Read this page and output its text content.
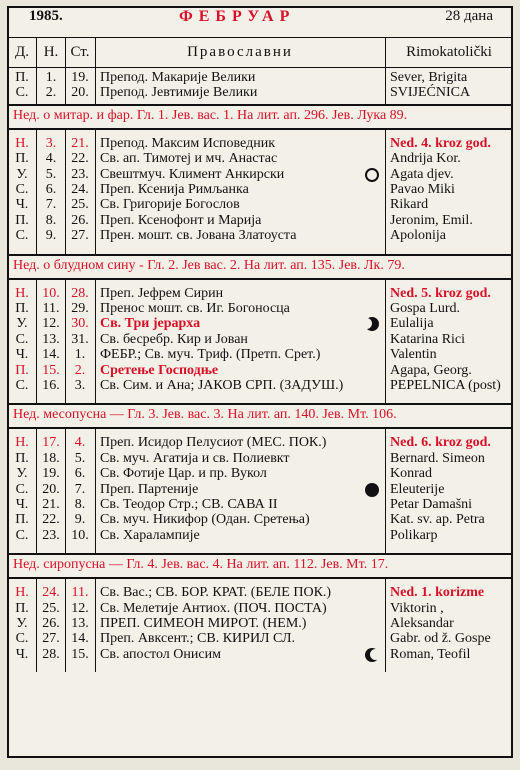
1985.	ФЕБРУАР	28 дана
Д. Н. Ст.	Православни	Rimokatolički
П.	1.	19. Препод. Макарије Велики	Sever, Brigita
С.	2.	20. Препод. Јевтимије Велики	SVIJEĆNICA
Нед. о митар. и фар. Гл. 1. Јев. вас. 1. На лит. ап. 296. Јев. Лука 89.
Н.	3.	21. Препод. Максим Исповедник	Ned. 4. kroz god.
П.	4.	22. Св. ап. Тимотеј и мч. Анастас	Andrija Kor.
У.	5.	23. Свештмуч. Климент Анкирски	Agata djev.
С.	6.	24. Преп. Ксенија Римљанка	Pavao Miki
Ч.	7.	25. Св. Григорије Богослов	Rikard
П.	8.	26. Преп. Ксенофонт и Марија	Jeronim, Emil.
С.	9.	27. Прен. мошт. св. Јована Златоуста	Apolonija
Нед. о блудном сину - Гл. 2. Јев вас. 2. На лит. ап. 135. Јев. Лк. 79.
Н. 10. 28. Преп. Јефрем Сирин	Ned. 5. kroz god.
П. 11. 29. Пренос мошт. св. Иг. Богоносца	Gospa Lurd.
У.	12. 30. Св. Три јерарха	Eulalija
С. 13. 31. Св. бесребр. Кир и Јован	Katarina Rici
Ч. 14.	1.	ФЕБР.; Св. муч. Триф. (Претп. Срет.)	Valentin
П. 15.	2.	Сретење Господње	Agapa, Georg.
С. 16.	3.	Св. Сим. и Ана; ЈАКОВ СРП. (ЗАДУШ.)	PEPELNICA (post)
Нед. месопусна — Гл. 3. Јев. вас. 3. На лит. ап. 140. Јев. Мт. 106.
Н. 17.	4.	Преп. Исидор Пелусиот (МЕС. ПОК.)	Ned. 6. kroz god.
П. 18.	5.	Св. муч. Агатија и св. Полиевкт	Bernard. Simeon
У.	19.	6.	Св. Фотије Цар. и пр. Вукол	Konrad
С. 20.	7.	Преп. Партеније	Eleuterije
Ч. 21.	8.	Св. Теодор Стр.; СВ. САВА II	Petar Damašni
П. 22.	9.	Св. муч. Никифор (Одан. Сретења)	Kat. sv. ap. Petra
С. 23. 10. Св. Харалампије	Polikarp
Нед. сиропусна — Гл. 4. Јев. вас. 4. На лит. ап. 112. Јев. Мт. 17.
Н. 24. 11. Св. Вас.; СВ. БОР. КРАТ. (БЕЛЕ ПОК.)	Ned. 1. korizme
П. 25. 12. Св. Мелетије Антиох. (ПОЧ. ПОСТА)	Viktorin ,
У.	26. 13. ПРЕП. СИМЕОН МИРОТ. (НЕМ.)	Aleksandar
С. 27. 14. Преп. Авксент.; СВ. КИРИЛ СЛ.	Gabr. od ž. Gospe
Ч. 28. 15. Св. апостол Онисим	Roman, Teofil
